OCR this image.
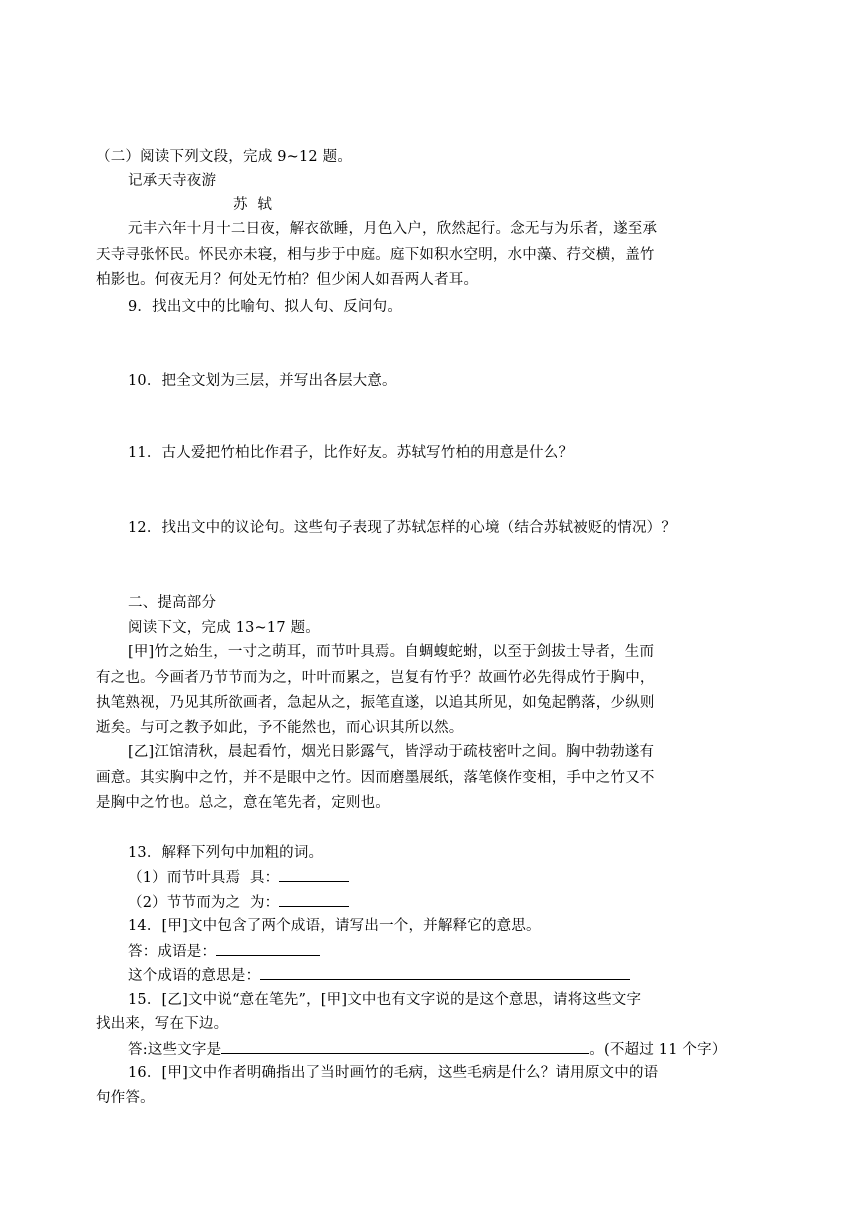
（二）阅读下列文段，完成 9~12 题。
记承天寺夜游
苏  轼
元丰六年十月十二日夜，解衣欲睡，月色入户，欣然起行。念无与为乐者，遂至承
天寺寻张怀民。怀民亦未寝，相与步于中庭。庭下如积水空明，水中藻、荇交横，盖竹
柏影也。何夜无月？何处无竹柏？但少闲人如吾两人者耳。
9．找出文中的比喻句、拟人句、反问句。
10．把全文划为三层，并写出各层大意。
11．古人爱把竹柏比作君子，比作好友。苏轼写竹柏的用意是什么？
12．找出文中的议论句。这些句子表现了苏轼怎样的心境（结合苏轼被贬的情况）？
二、提高部分
阅读下文，完成 13~17 题。
[甲]竹之始生，一寸之萌耳，而节叶具焉。自蜩蝮蛇蚹，以至于剑拔士导者，生而
有之也。今画者乃节节而为之，叶叶而累之，岂复有竹乎？故画竹必先得成竹于胸中，
执笔熟视，乃见其所欲画者，急起从之，振笔直遂，以追其所见，如兔起鹘落，少纵则
逝矣。与可之教予如此，予不能然也，而心识其所以然。
[乙]江馆清秋，晨起看竹，烟光日影露气，皆浮动于疏枝密叶之间。胸中勃勃遂有
画意。其实胸中之竹，并不是眼中之竹。因而磨墨展纸，落笔倏作变相，手中之竹又不
是胸中之竹也。总之，意在笔先者，定则也。
13．解释下列句中加粗的词。
（1）而节叶具焉  具：
（2）节节而为之  为：
14．[甲]文中包含了两个成语，请写出一个，并解释它的意思。
答：成语是：
这个成语的意思是：
15．[乙]文中说“意在笔先”，[甲]文中也有文字说的是这个意思，请将这些文字
找出来，写在下边。
答:这些文字是	。(不超过 11 个字）
16．[甲]文中作者明确指出了当时画竹的毛病，这些毛病是什么？请用原文中的语
句作答。
